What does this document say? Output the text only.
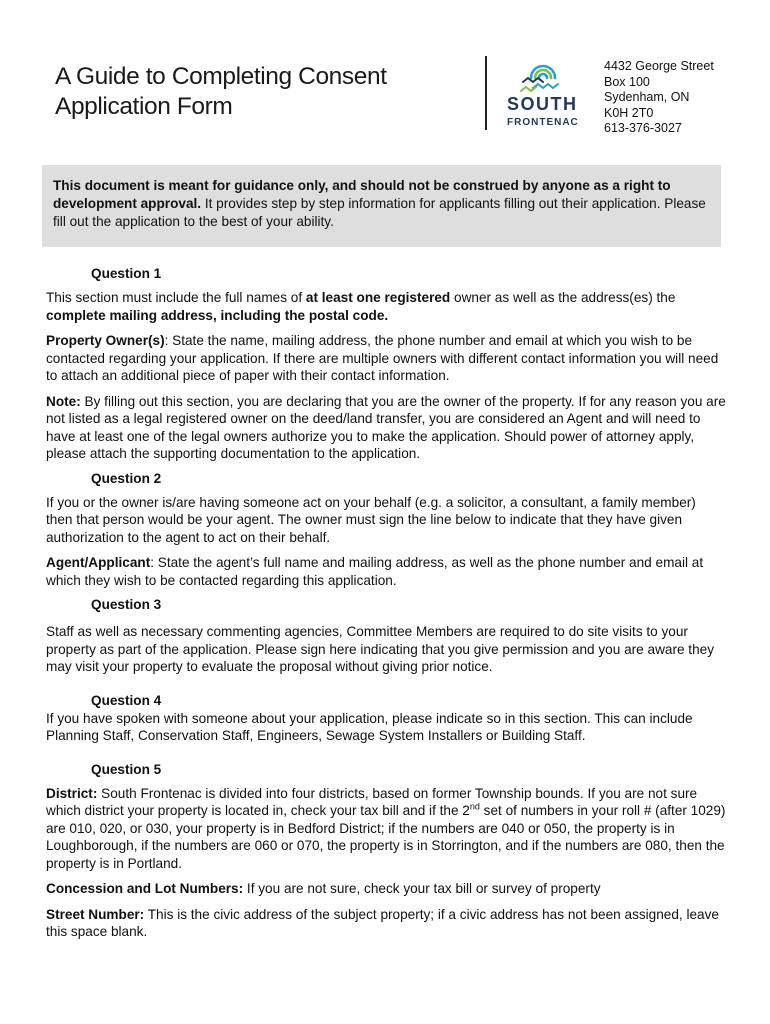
A Guide to Completing Consent
Application Form	SOUTH
FRONTENAC
4432 George Street
Box 100
Sydenham, ON
K0H 2T0
613-376-3027
This document is meant for guidance only, and should not be construed by anyone as a right to development approval. It provides step by step information for applicants filling out their application. Please fill out the application to the best of your ability.

Question 1

This section must include the full names of at least one registered owner as well as the address(es) the complete mailing address, including the postal code.

Property Owner(s): State the name, mailing address, the phone number and email at which you wish to be contacted regarding your application. If there are multiple owners with different contact information you will need to attach an additional piece of paper with their contact information.

Note: By filling out this section, you are declaring that you are the owner of the property. If for any reason you are not listed as a legal registered owner on the deed/land transfer, you are considered an Agent and will need to have at least one of the legal owners authorize you to make the application. Should power of attorney apply, please attach the supporting documentation to the application.

Question 2

If you or the owner is/are having someone act on your behalf (e.g. a solicitor, a consultant, a family member) then that person would be your agent. The owner must sign the line below to indicate that they have given authorization to the agent to act on their behalf.

Agent/Applicant: State the agent’s full name and mailing address, as well as the phone number and email at which they wish to be contacted regarding this application.

Question 3

Staff as well as necessary commenting agencies, Committee Members are required to do site visits to your property as part of the application. Please sign here indicating that you give permission and you are aware they may visit your property to evaluate the proposal without giving prior notice.

Question 4

If you have spoken with someone about your application, please indicate so in this section. This can include Planning Staff, Conservation Staff, Engineers, Sewage System Installers or Building Staff.

Question 5

District: South Frontenac is divided into four districts, based on former Township bounds. If you are not sure which district your property is located in, check your tax bill and if the 2nd set of numbers in your roll # (after 1029) are 010, 020, or 030, your property is in Bedford District; if the numbers are 040 or 050, the property is in Loughborough, if the numbers are 060 or 070, the property is in Storrington, and if the numbers are 080, then the property is in Portland.

Concession and Lot Numbers: If you are not sure, check your tax bill or survey of property

Street Number: This is the civic address of the subject property; if a civic address has not been assigned, leave this space blank.
